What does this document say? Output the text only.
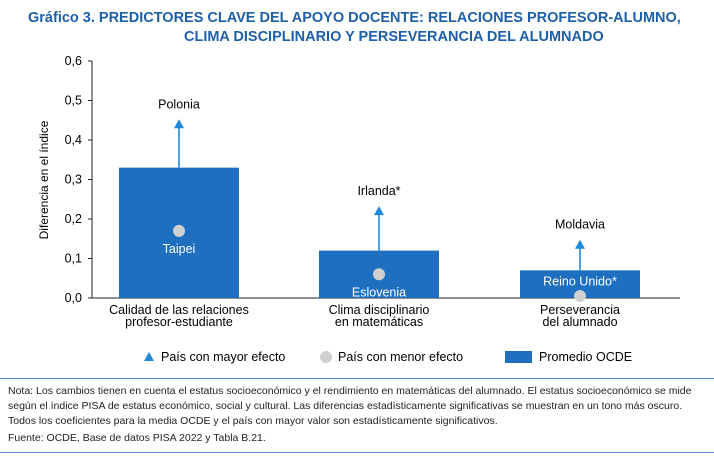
Gráfico 3. PREDICTORES CLAVE DEL APOYO DOCENTE: RELACIONES PROFESOR-ALUMNO,
CLIMA DISCIPLINARIO Y PERSEVERANCIA DEL ALUMNADO
0,0
0,1
0,2
0,3
0,4
0,5
0,6
Diferencia en el índice
Polonia
Taipei
Irlanda*
Eslovenia
Moldavia
Reino Unido*
Calidad de las relaciones
profesor-estudiante
Clima disciplinario
en matemáticas
Perseverancia
del alumnado
País con mayor efecto	País con menor efecto	Promedio OCDE
Nota: Los cambios tienen en cuenta el estatus socioeconómico y el rendimiento en matemáticas del alumnado. El estatus socioeconómico se mide según el índice PISA de estatus económico, social y cultural. Las diferencias estadísticamente significativas se muestran en un tono más oscuro. Todos los coeficientes para la media OCDE y el país con mayor valor son estadísticamente significativos.
Fuente: OCDE, Base de datos PISA 2022 y Tabla B.21.
